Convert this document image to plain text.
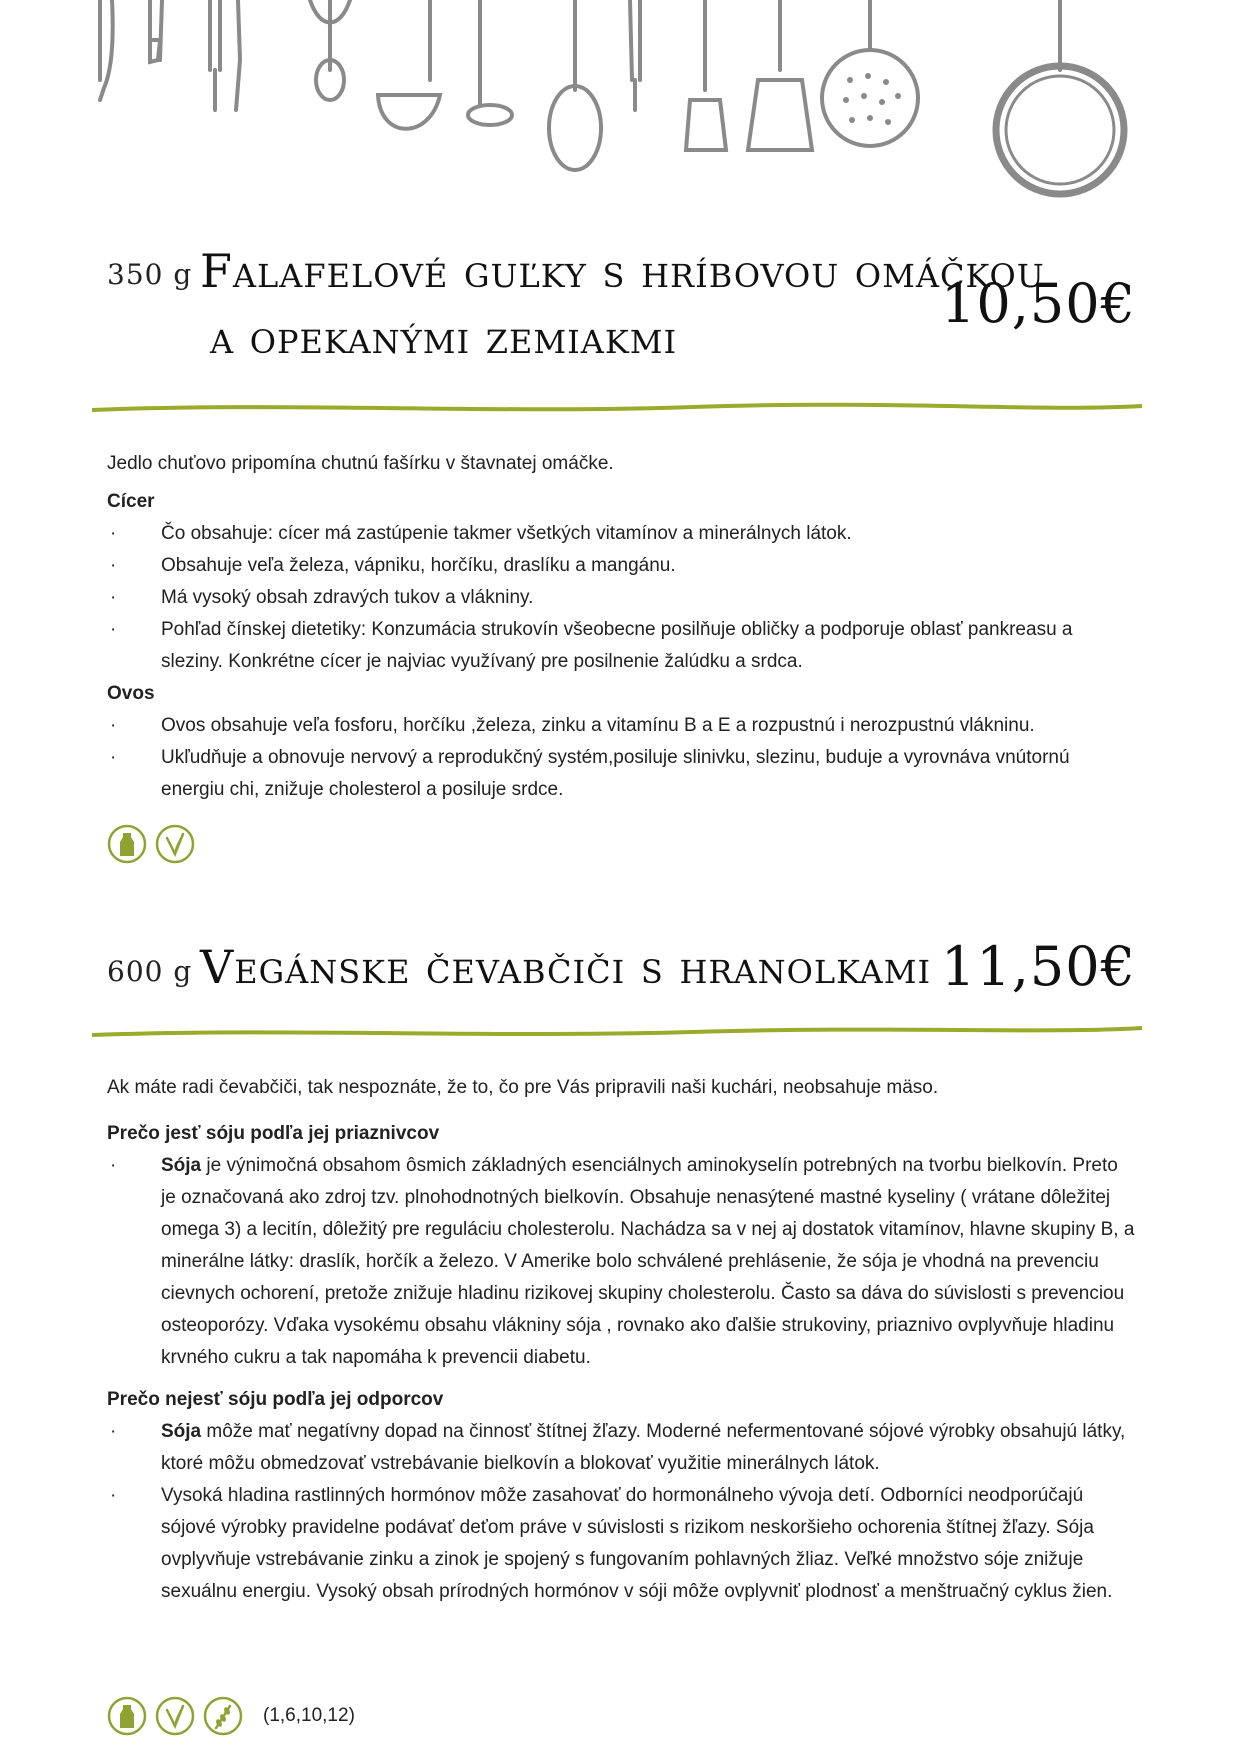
350 g Falafelové guľky s hríbovou omáčkou
a opekanými zemiakmi
10,50€

Jedlo chuťovo pripomína chutnú fašírku v štavnatej omáčke.

Cícer
· Čo obsahuje: cícer má zastúpenie takmer všetkých vitamínov a minerálnych látok.
· Obsahuje veľa železa, vápniku, horčíku, draslíku a mangánu.
· Má vysoký obsah zdravých tukov a vlákniny.
· Pohľad čínskej dietetiky: Konzumácia strukovín všeobecne posilňuje obličky a podporuje oblasť pankreasu a sleziny. Konkrétne cícer je najviac využívaný pre posilnenie žalúdku a srdca.
Ovos
· Ovos obsahuje veľa fosforu, horčíku ,železa, zinku a vitamínu B a E a rozpustnú i nerozpustnú vlákninu.
· Ukľudňuje a obnovuje nervový a reprodukčný systém,posiluje slinivku, slezinu, buduje a vyrovnáva vnútornú energiu chi, znižuje cholesterol a posiluje srdce.
600 g Vegánske čevabčiči s hranolkami 11,50€

Ak máte radi čevabčiči, tak nespoznáte, že to, čo pre Vás pripravili naši kuchári, neobsahuje mäso.

Prečo jesť sóju podľa jej priaznivcov
· Sója je výnimočná obsahom ôsmich základných esenciálnych aminokyselín potrebných na tvorbu bielkovín. Preto je označovaná ako zdroj tzv. plnohodnotných bielkovín. Obsahuje nenasýtené mastné kyseliny ( vrátane dôležitej omega 3) a lecitín, dôležitý pre reguláciu cholesterolu. Nachádza sa v nej aj dostatok vitamínov, hlavne skupiny B, a minerálne látky: draslík, horčík a železo. V Amerike bolo schválené prehlásenie, že sója je vhodná na prevenciu cievnych ochorení, pretože znižuje hladinu rizikovej skupiny cholesterolu. Často sa dáva do súvislosti s prevenciou osteoporózy. Vďaka vysokému obsahu vlákniny sója , rovnako ako ďalšie strukoviny, priaznivo ovplyvňuje hladinu krvného cukru a tak napomáha k prevencii diabetu.
Prečo nejesť sóju podľa jej odporcov
· Sója môže mať negatívny dopad na činnosť štítnej žľazy. Moderné nefermentované sójové výrobky obsahujú látky, ktoré môžu obmedzovať vstrebávanie bielkovín a blokovať využitie minerálnych látok.
· Vysoká hladina rastlinných hormónov môže zasahovať do hormonálneho vývoja detí. Odborníci neodporúčajú sójové výrobky pravidelne podávať deťom práve v súvislosti s rizikom neskoršieho ochorenia štítnej žľazy. Sója ovplyvňuje vstrebávanie zinku a zinok je spojený s fungovaním pohlavných žliaz. Veľké množstvo sóje znižuje sexuálnu energiu. Vysoký obsah prírodných hormónov v sóji môže ovplyvniť plodnosť a menštruačný cyklus žien.
(1,6,10,12)
